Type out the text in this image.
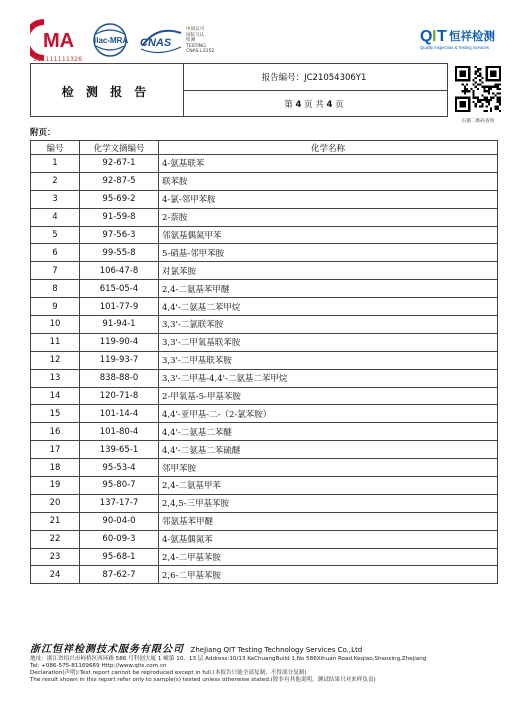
MA
161111111326
ilac-MRA CNAS
中国认可
国际互认
检测
TESTING
CNAS L3152
Q I T 恒祥检测
Quality Inspection & Testing Services
检 测 报 告
报告编号：JC21054306Y1
第 4 页 共 4 页
扫描二维码查询
附页：
编号	化学文摘编号	化学名称
1	92-67-1	4-氨基联苯
2	92-87-5	联苯胺
3	95-69-2	4-氯-邻甲苯胺
4	91-59-8	2-萘胺
5	97-56-3	邻氨基偶氮甲苯
6	99-55-8	5-硝基-邻甲苯胺
7	106-47-8	对氯苯胺
8	615-05-4	2,4-二氨基苯甲醚
9	101-77-9	4,4'-二氨基二苯甲烷
10	91-94-1	3,3'-二氯联苯胺
11	119-90-4	3,3'-二甲氧基联苯胺
12	119-93-7	3,3'-二甲基联苯胺
13	838-88-0	3,3'-二甲基-4,4'-二氨基二苯甲烷
14	120-71-8	2-甲氧基-5-甲基苯胺
15	101-14-4	4,4'-亚甲基-二-（2-氯苯胺）
16	101-80-4	4,4'-二氨基二苯醚
17	139-65-1	4,4'-二氨基二苯硫醚
18	95-53-4	邻甲苯胺
19	95-80-7	2,4-二氨基甲苯
20	137-17-7	2,4,5-三甲基苯胺
21	90-04-0	邻氨基苯甲醚
22	60-09-3	4-氨基偶氮苯
23	95-68-1	2,4-二甲基苯胺
24	87-62-7	2,6-二甲基苯胺
浙江恒祥检测技术服务有限公司 ZheJiang QIT Testing Technology Services Co.,Ltd
地址：浙江省绍兴市柯桥区西环路 586 号科创大厦 1 幢第 10、13 层 Address:10/13 KeChuangBuild 1,No 586Xihuan Road,Keqiao,Shaoxing,Zhejiang
Tel: +086-575-81169669 Http://www.qits.com.cn
Declaration(声明):Test report cannot be reproduced except in full.(本报告只能全部复制，不得部分复制)
The result shown in this report refer only to sample(s) tested unless otherwise stated.(除非有其他说明，测试结果只对来样负责)
